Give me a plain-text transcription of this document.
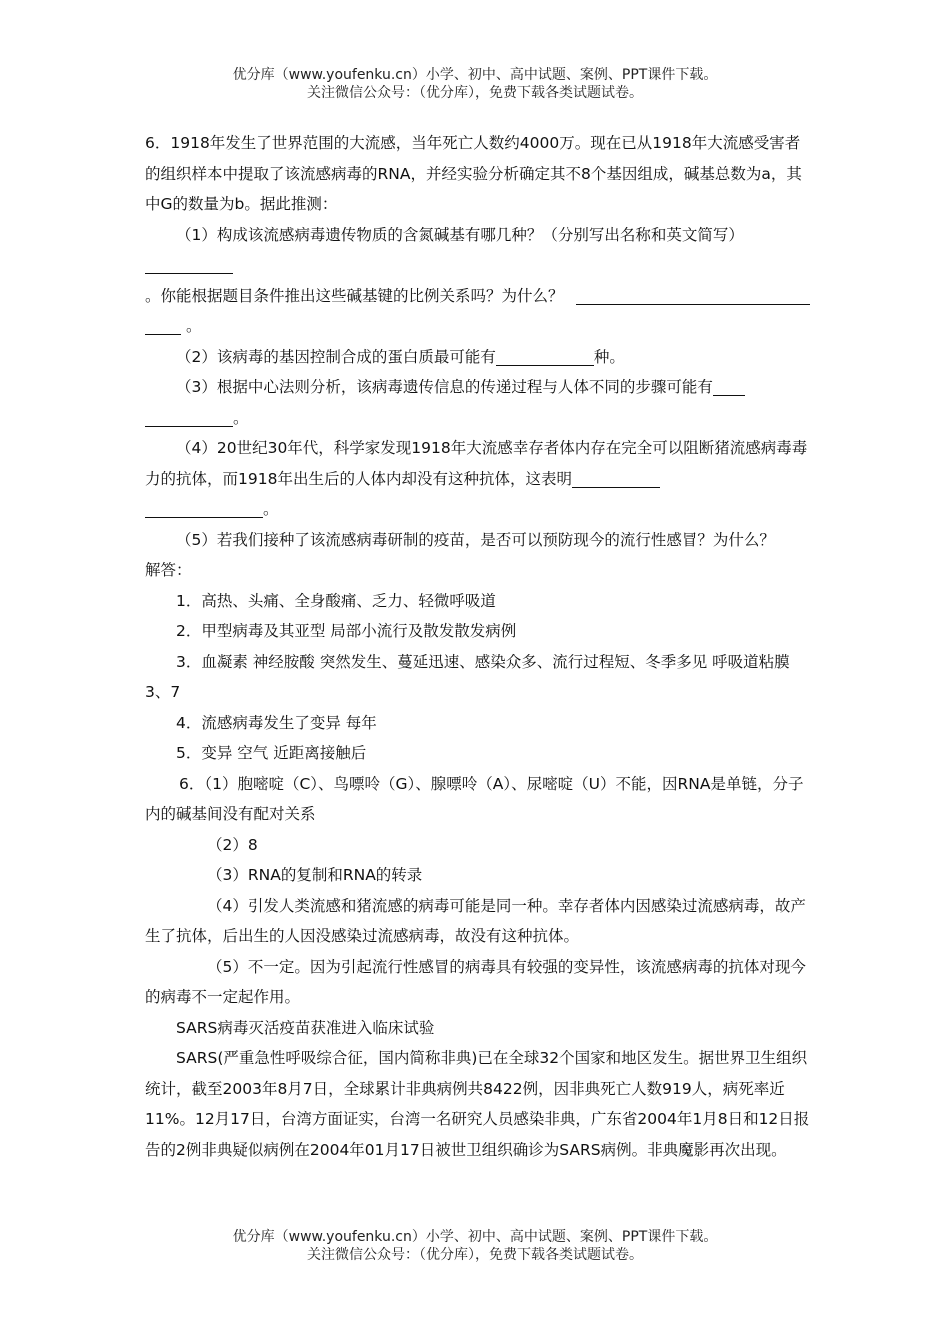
优分库（www.youfenku.cn）小学、初中、高中试题、案例、PPT课件下载。
关注微信公众号：（优分库），免费下载各类试题试卷。

6．1918年发生了世界范围的大流感，当年死亡人数约4000万。现在已从1918年大流感受害者的组织样本中提取了该流感病毒的RNA，并经实验分析确定其不8个基因组成，碱基总数为a，其中G的数量为b。据此推测：

（1）构成该流感病毒遗传物质的含氮碱基有哪几种？（分别写出名称和英文简写）

。你能根据题目条件推出这些碱基键的比例关系吗？为什么？

。

（2）该病毒的基因控制合成的蛋白质最可能有	种。

（3）根据中心法则分析，该病毒遗传信息的传递过程与人体不同的步骤可能有

。

（4）20世纪30年代，科学家发现1918年大流感幸存者体内存在完全可以阻断猪流感病毒毒力的抗体，而1918年出生后的人体内却没有这种抗体，这表明

。

（5）若我们接种了该流感病毒研制的疫苗，是否可以预防现今的流行性感冒？为什么？

解答：

1．高热、头痛、全身酸痛、乏力、轻微呼吸道

2．甲型病毒及其亚型 局部小流行及散发散发病例

3．血凝素 神经胺酸 突然发生、蔓延迅速、感染众多、流行过程短、冬季多见 呼吸道粘膜 3、7

4．流感病毒发生了变异 每年

5．变异 空气 近距离接触后

6．（1）胞嘧啶（C）、鸟嘌呤（G）、腺嘌呤（A）、尿嘧啶（U）不能，因RNA是单链，分子内的碱基间没有配对关系

（2）8

（3）RNA的复制和RNA的转录

（4）引发人类流感和猪流感的病毒可能是同一种。幸存者体内因感染过流感病毒，故产生了抗体，后出生的人因没感染过流感病毒，故没有这种抗体。

（5）不一定。因为引起流行性感冒的病毒具有较强的变异性，该流感病毒的抗体对现今的病毒不一定起作用。

SARS病毒灭活疫苗获准进入临床试验

SARS(严重急性呼吸综合征，国内简称非典)已在全球32个国家和地区发生。据世界卫生组织统计，截至2003年8月7日，全球累计非典病例共8422例，因非典死亡人数919人，病死率近11%。12月17日，台湾方面证实，台湾一名研究人员感染非典，广东省2004年1月8日和12日报告的2例非典疑似病例在2004年01月17日被世卫组织确诊为SARS病例。非典魔影再次出现。

优分库（www.youfenku.cn）小学、初中、高中试题、案例、PPT课件下载。
关注微信公众号：（优分库），免费下载各类试题试卷。
